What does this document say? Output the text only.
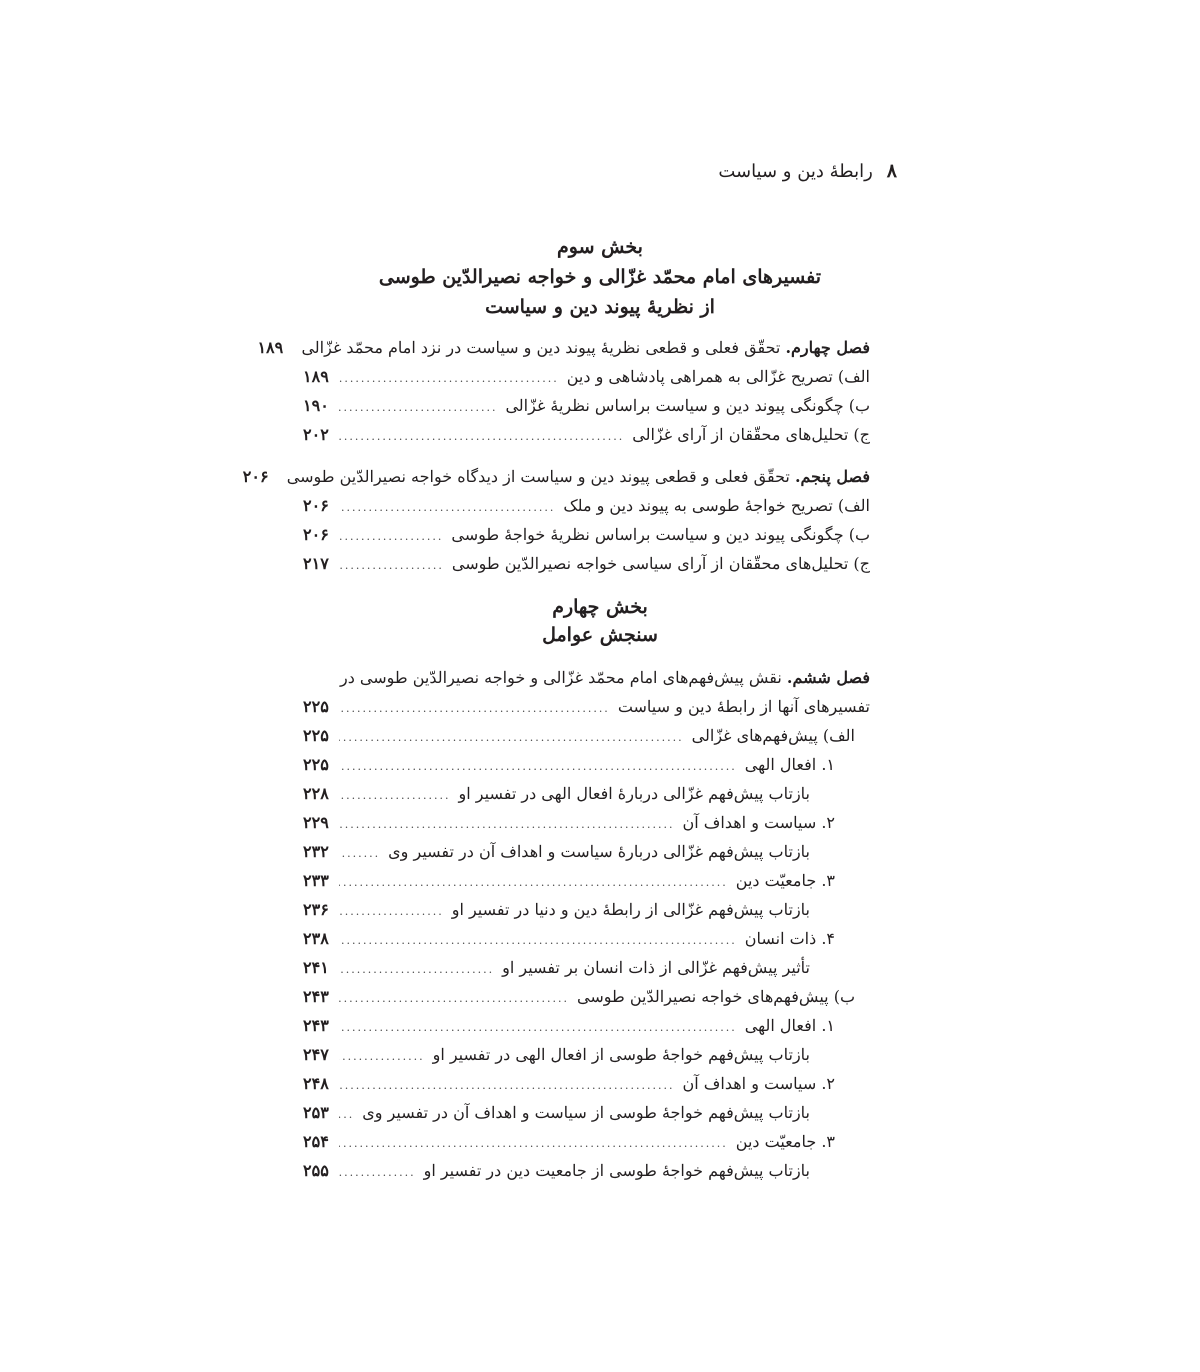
۸رابطهٔ دین و سیاست
بخش سوم
تفسیرهای امام محمّد غزّالی و خواجه نصیرالدّین طوسی
از نظریهٔ پیوند دین و سیاست
بخش چهارم
سنجش عوامل
فصل چهارم. تحقّق فعلی و قطعی نظریهٔ پیوند دین و سیاست در نزد امام محمّد غزّالی
۱۸۹
الف) تصریح غزّالی به همراهی پادشاهی و دین
.....
۱۸۹
ب) چگونگی پیوند دین و سیاست براساس نظریهٔ غزّالی
.....
۱۹۰
ج) تحلیل‌های محقّقان از آرای غزّالی
.....
۲۰۲
فصل پنجم. تحقّق فعلی و قطعی پیوند دین و سیاست از دیدگاه خواجه نصیرالدّین طوسی
۲۰۶
الف) تصریح خواجهٔ طوسی به پیوند دین و ملک
.....
۲۰۶
ب) چگونگی پیوند دین و سیاست براساس نظریهٔ خواجهٔ طوسی
.....
۲۰۶
ج) تحلیل‌های محقّقان از آرای سیاسی خواجه نصیرالدّین طوسی
.....
۲۱۷
فصل ششم. نقش پیش‌فهم‌های امام محمّد غزّالی و خواجه نصیرالدّین طوسی در
تفسیرهای آنها از رابطهٔ دین و سیاست
.....
۲۲۵
الف) پیش‌فهم‌های غزّالی
.....
۲۲۵
۱. افعال الهی
.....
۲۲۵
بازتاب پیش‌فهم غزّالی دربارهٔ افعال الهی در تفسیر او
.....
۲۲۸
۲. سیاست و اهداف آن
.....
۲۲۹
بازتاب پیش‌فهم غزّالی دربارهٔ سیاست و اهداف آن در تفسیر وی
.....
۲۳۲
۳. جامعیّت دین
.....
۲۳۳
بازتاب پیش‌فهم غزّالی از رابطهٔ دین و دنیا در تفسیر او
.....
۲۳۶
۴. ذات انسان
.....
۲۳۸
تأثیر پیش‌فهم غزّالی از ذات انسان بر تفسیر او
.....
۲۴۱
ب) پیش‌فهم‌های خواجه نصیرالدّین طوسی
.....
۲۴۳
۱. افعال الهی
.....
۲۴۳
بازتاب پیش‌فهم خواجهٔ طوسی از افعال الهی در تفسیر او
.....
۲۴۷
۲. سیاست و اهداف آن
.....
۲۴۸
بازتاب پیش‌فهم خواجهٔ طوسی از سیاست و اهداف آن در تفسیر وی
.....
۲۵۳
۳. جامعیّت دین
.....
۲۵۴
بازتاب پیش‌فهم خواجهٔ طوسی از جامعیت دین در تفسیر او
.....
۲۵۵
